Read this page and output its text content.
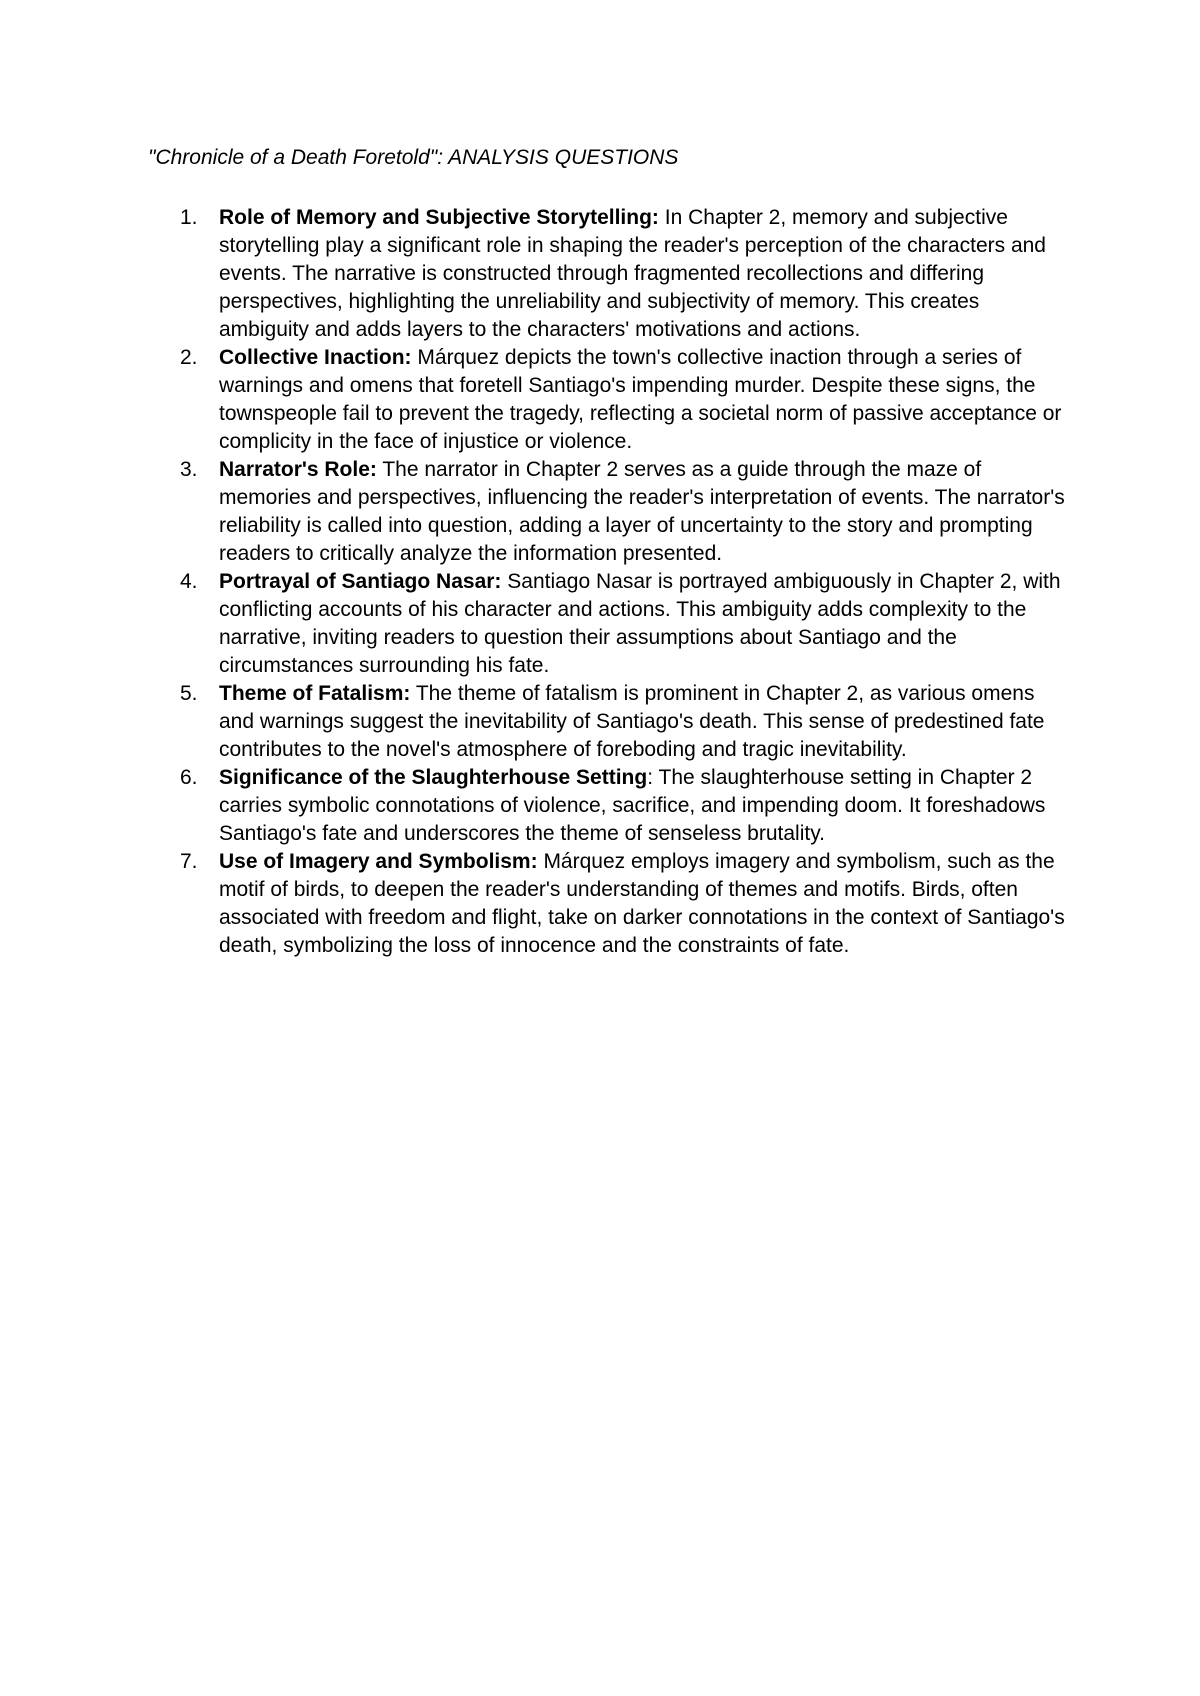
"Chronicle of a Death Foretold": ANALYSIS QUESTIONS
1. Role of Memory and Subjective Storytelling: In Chapter 2, memory and subjective storytelling play a significant role in shaping the reader's perception of the characters and events. The narrative is constructed through fragmented recollections and differing perspectives, highlighting the unreliability and subjectivity of memory. This creates ambiguity and adds layers to the characters' motivations and actions.
2. Collective Inaction: Márquez depicts the town's collective inaction through a series of warnings and omens that foretell Santiago's impending murder. Despite these signs, the townspeople fail to prevent the tragedy, reflecting a societal norm of passive acceptance or complicity in the face of injustice or violence.
3. Narrator's Role: The narrator in Chapter 2 serves as a guide through the maze of memories and perspectives, influencing the reader's interpretation of events. The narrator's reliability is called into question, adding a layer of uncertainty to the story and prompting readers to critically analyze the information presented.
4. Portrayal of Santiago Nasar: Santiago Nasar is portrayed ambiguously in Chapter 2, with conflicting accounts of his character and actions. This ambiguity adds complexity to the narrative, inviting readers to question their assumptions about Santiago and the circumstances surrounding his fate.
5. Theme of Fatalism: The theme of fatalism is prominent in Chapter 2, as various omens and warnings suggest the inevitability of Santiago's death. This sense of predestined fate contributes to the novel's atmosphere of foreboding and tragic inevitability.
6. Significance of the Slaughterhouse Setting: The slaughterhouse setting in Chapter 2 carries symbolic connotations of violence, sacrifice, and impending doom. It foreshadows Santiago's fate and underscores the theme of senseless brutality.
7. Use of Imagery and Symbolism: Márquez employs imagery and symbolism, such as the motif of birds, to deepen the reader's understanding of themes and motifs. Birds, often associated with freedom and flight, take on darker connotations in the context of Santiago's death, symbolizing the loss of innocence and the constraints of fate.
